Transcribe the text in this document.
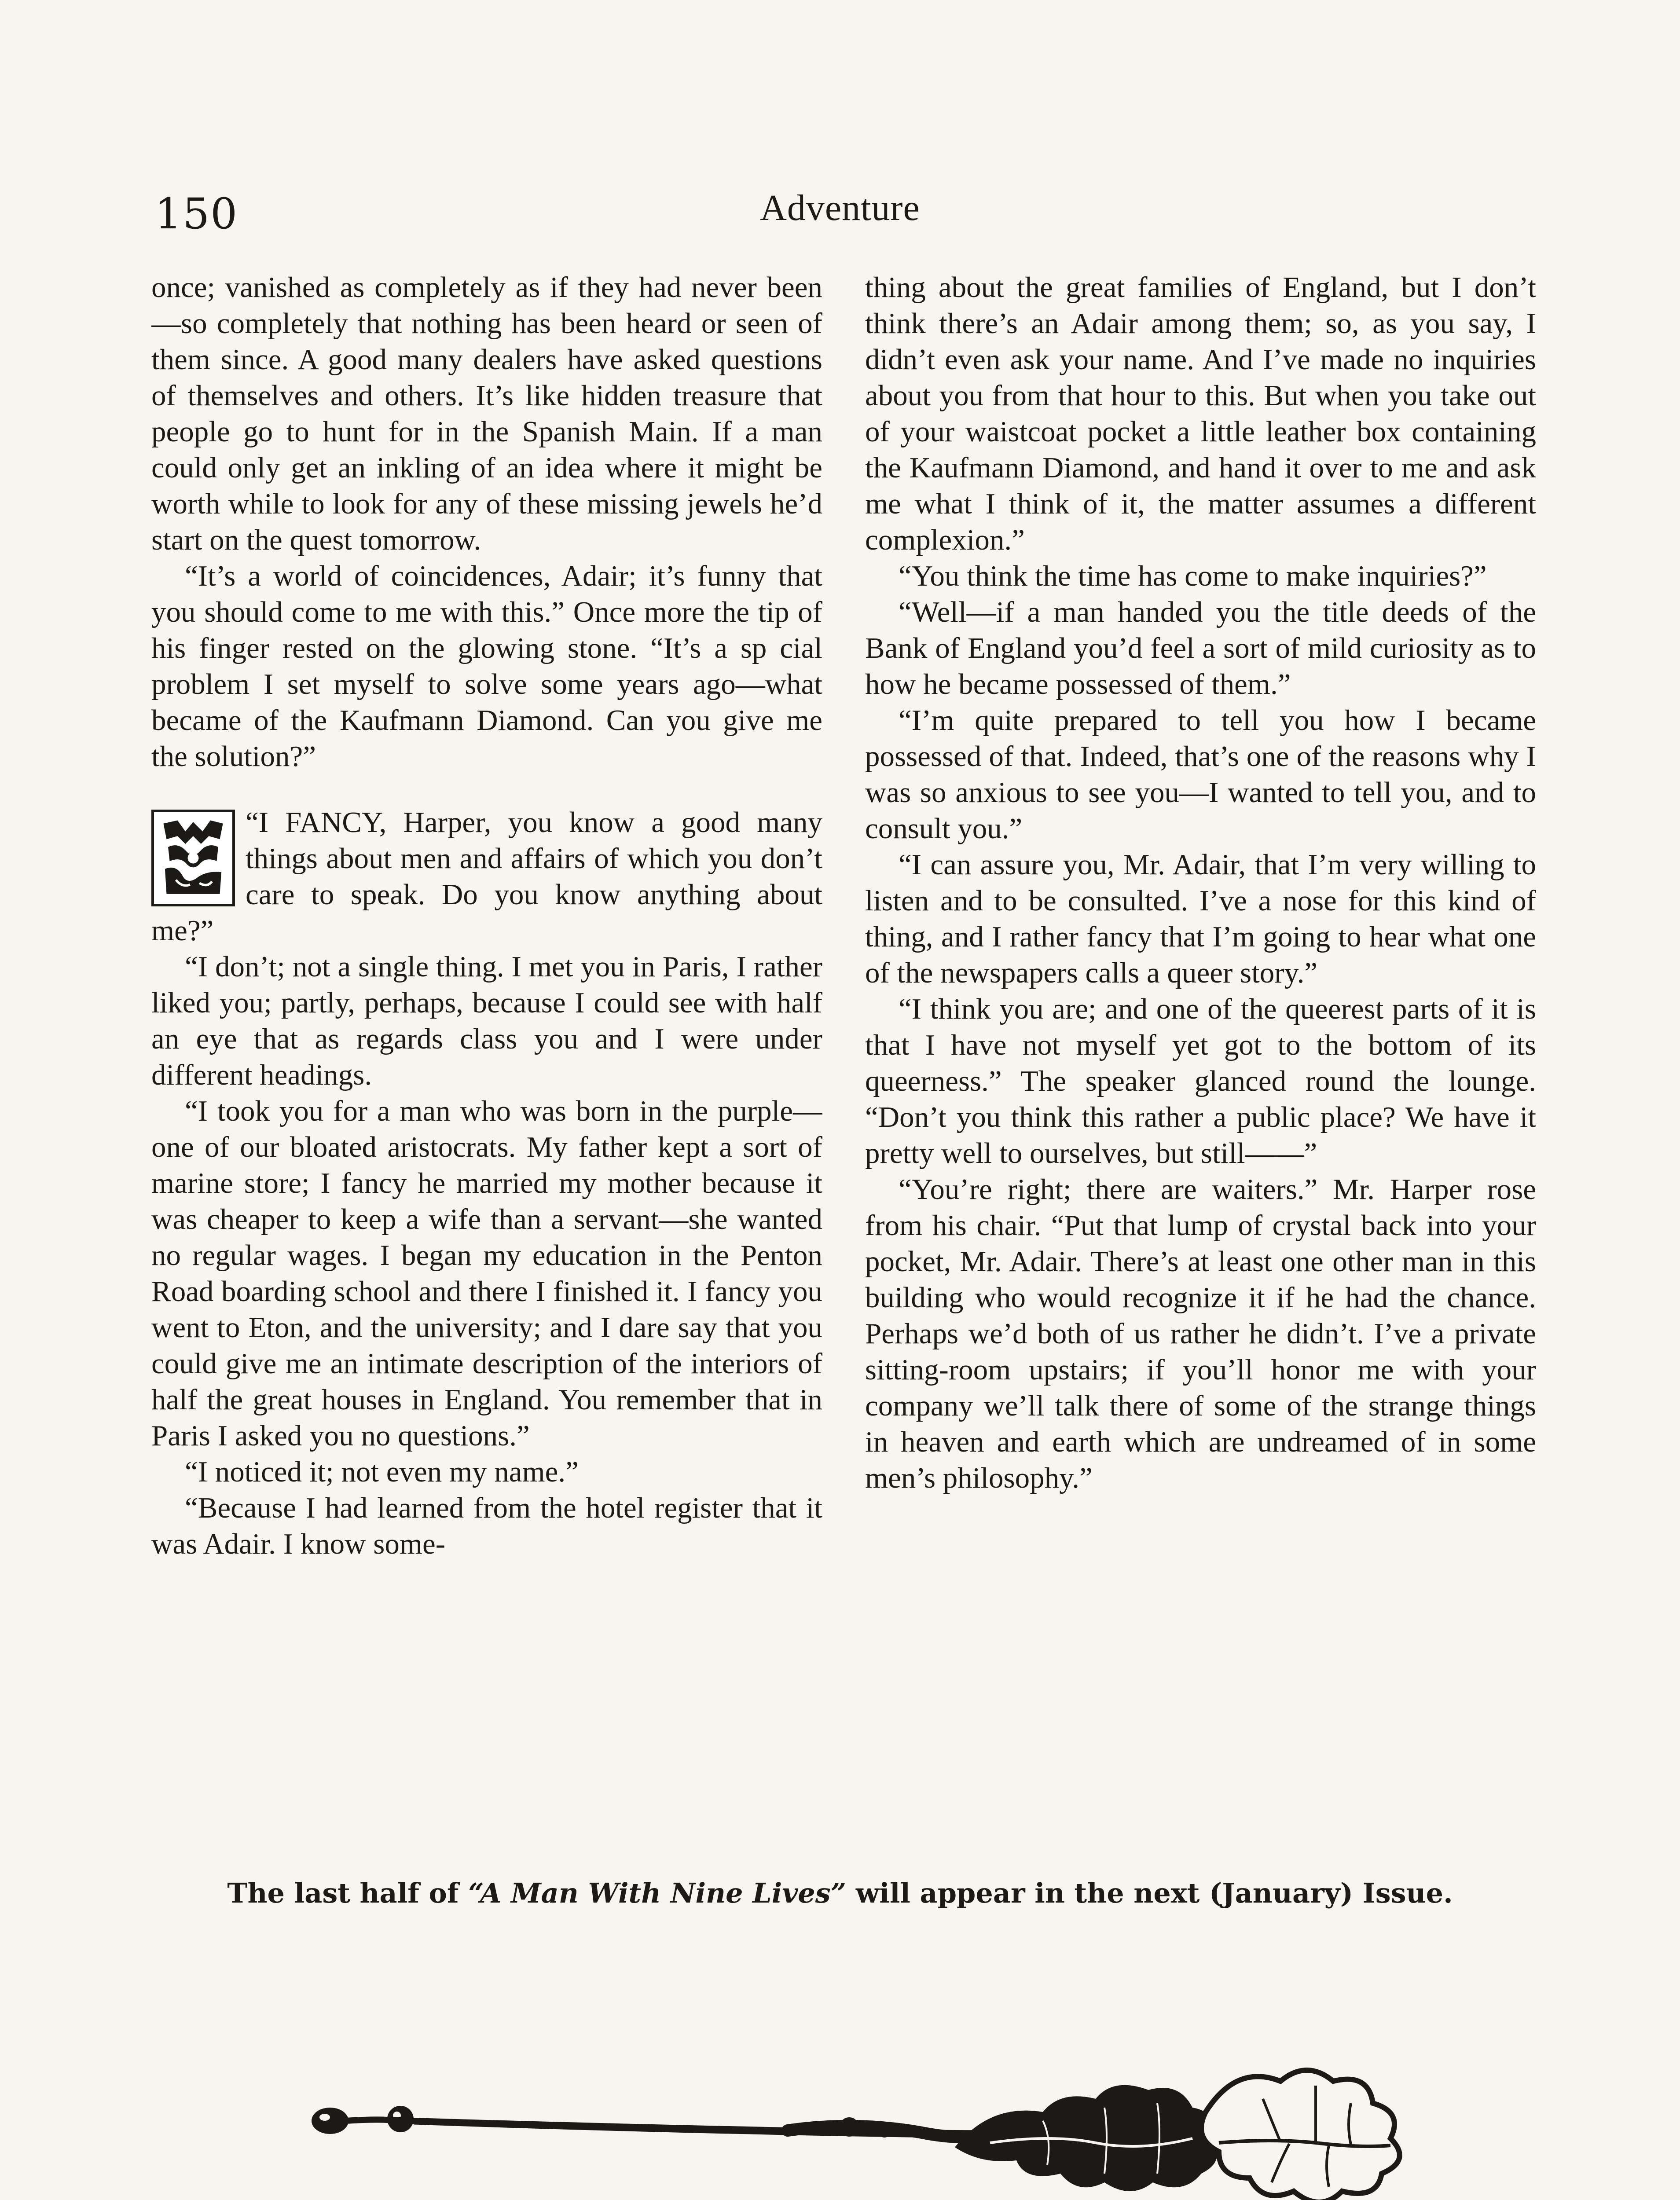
150	Adventure

once; vanished as completely as if they had never been—so completely that nothing has been heard or seen of them since. A good many dealers have asked questions of themselves and others. It’s like hidden treasure that people go to hunt for in the Spanish Main. If a man could only get an inkling of an idea where it might be worth while to look for any of these missing jewels he’d start on the quest tomorrow.

“It’s a world of coincidences, Adair; it’s funny that you should come to me with this.” Once more the tip of his finger rested on the glowing stone. “It’s a sp cial problem I set myself to solve some years ago—what became of the Kaufmann Diamond. Can you give me the solution?”

“I FANCY, Harper, you know a good many things about men and affairs of which you don’t care to speak. Do you know anything about me?”

“I don’t; not a single thing. I met you in Paris, I rather liked you; partly, perhaps, because I could see with half an eye that as regards class you and I were under different headings.

“I took you for a man who was born in the purple—one of our bloated aristocrats. My father kept a sort of marine store; I fancy he married my mother because it was cheaper to keep a wife than a servant—she wanted no regular wages. I began my education in the Penton Road boarding school and there I finished it. I fancy you went to Eton, and the university; and I dare say that you could give me an intimate description of the interiors of half the great houses in England. You remember that in Paris I asked you no questions.”

“I noticed it; not even my name.”

“Because I had learned from the hotel register that it was Adair. I know some-

thing about the great families of England, but I don’t think there’s an Adair among them; so, as you say, I didn’t even ask your name. And I’ve made no inquiries about you from that hour to this. But when you take out of your waistcoat pocket a little leather box containing the Kaufmann Diamond, and hand it over to me and ask me what I think of it, the matter assumes a different complexion.”

“You think the time has come to make inquiries?”

“Well—if a man handed you the title deeds of the Bank of England you’d feel a sort of mild curiosity as to how he became possessed of them.”

“I’m quite prepared to tell you how I became possessed of that. Indeed, that’s one of the reasons why I was so anxious to see you—I wanted to tell you, and to consult you.”

“I can assure you, Mr. Adair, that I’m very willing to listen and to be consulted. I’ve a nose for this kind of thing, and I rather fancy that I’m going to hear what one of the newspapers calls a queer story.”

“I think you are; and one of the queerest parts of it is that I have not myself yet got to the bottom of its queerness.” The speaker glanced round the lounge. “Don’t you think this rather a public place? We have it pretty well to ourselves, but still——”

“You’re right; there are waiters.” Mr. Harper rose from his chair. “Put that lump of crystal back into your pocket, Mr. Adair. There’s at least one other man in this building who would recognize it if he had the chance. Perhaps we’d both of us rather he didn’t. I’ve a private sitting-room upstairs; if you’ll honor me with your company we’ll talk there of some of the strange things in heaven and earth which are undreamed of in some men’s philosophy.”

The last half of “A Man With Nine Lives” will appear in the next (January) Issue.
